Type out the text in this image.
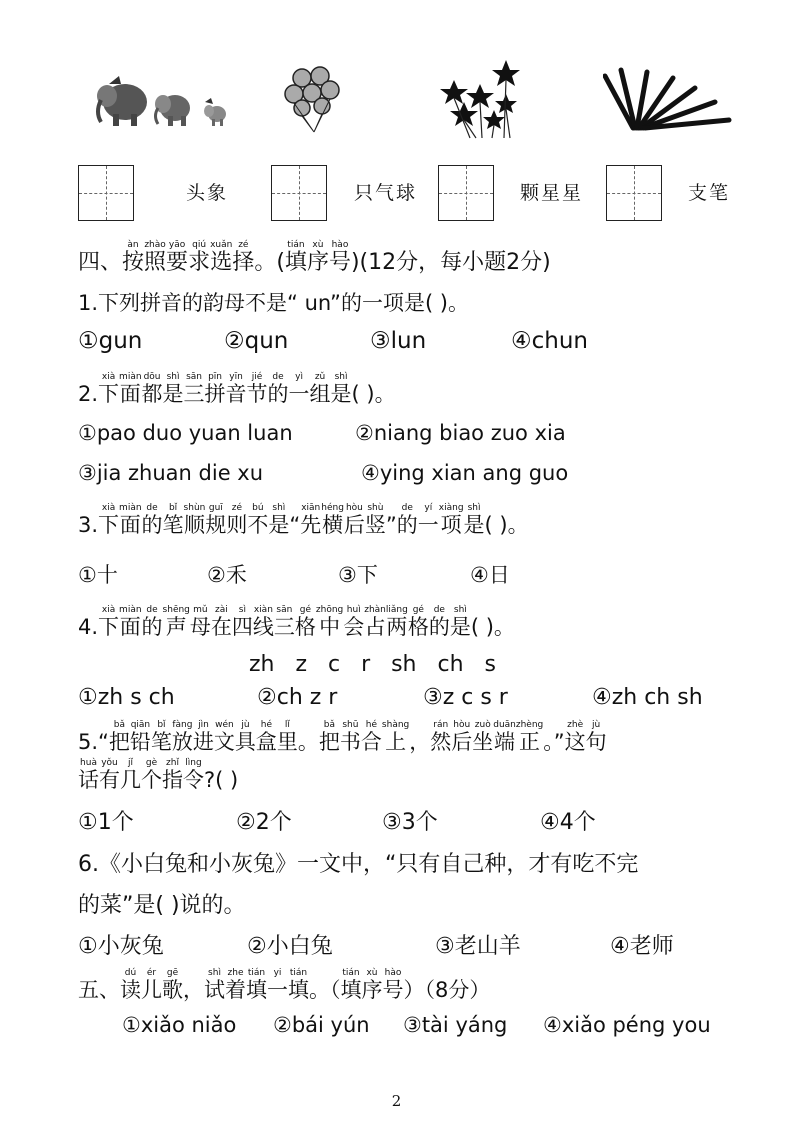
头象	只气球	颗星星	支笔
四、按àn照zhào要yāo求qiú选xuǎn择zé。(填tián序xù号hào)(12分，每小题2分)
1.下列拼音的韵母不是“ un”的一项是( )。
①gun	②qun	③lun	④chun
2.下xià面miàn都dōu是shì三sān拼pīn音yīn节jié的de一yì组zǔ是shì( )。
①pao duo yuan luan	②niang biao zuo xia
③jia zhuan die xu	④ying xian ang guo
3.下xià面miàn的de笔bǐ顺shùn规guī则zé不bú是shì“先xiān横héng后hòu竖shù”的de一yí项xiàng是shì( )。
①十	②禾	③下	④日
4.下xià面miàn的de声shēng母mǔ在zài四sì线xiàn三sān格gé中zhōng会huì占zhàn两liǎng格gé的de是shì( )。
zh   z   c   r   sh   ch   s
①zh s ch	②ch z r	③z c s r	④zh ch sh
5.“把bǎ铅qiān笔bǐ放fàng进jìn文wén具jù盒hé里lǐ。把bǎ书shū合hé上shàng，然rán后hòu坐zuò端duān正zhèng。”这zhè句jù
话huà有yǒu几jǐ个gè指zhǐ令lìng?( )
①1个	②2个	③3个	④4个
6.《小白兔和小灰兔》一文中，“只有自己种，才有吃不完
的菜”是( )说的。
①小灰兔	②小白兔	③老山羊	④老师
五、读dú儿ér歌gē，试shì着zhe填tián一yi填tián。（填tián序xù号hào）（8分）
①xiǎo niǎo ②bái yún ③tài yáng ④xiǎo péng you
2
